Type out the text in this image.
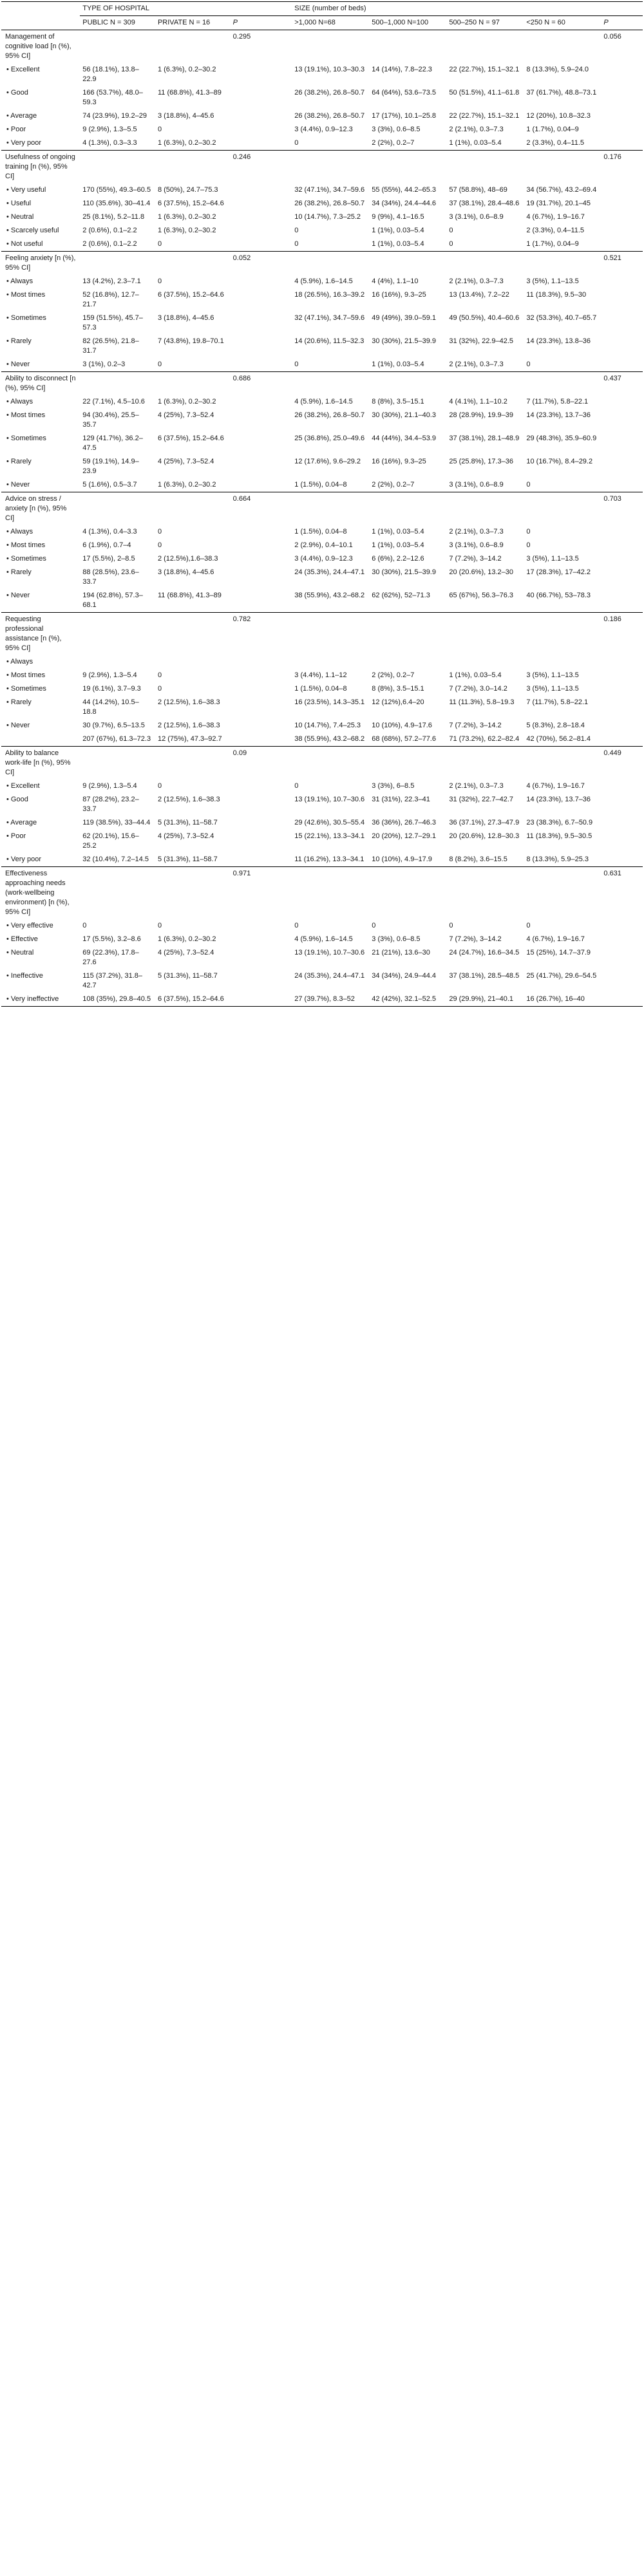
	TYPE OF HOSPITAL			SIZE (number of beds)				
	PUBLIC N = 309	PRIVATE N = 16	P	>1,000 N=68	500–1,000 N=100	500–250 N = 97	<250 N = 60	P
Management of cognitive load [n (%), 95% CI]			0.295					0.056
• Excellent	56 (18.1%), 13.8–22.9	1 (6.3%), 0.2–30.2		13 (19.1%), 10.3–30.3	14 (14%), 7.8–22.3	22 (22.7%), 15.1–32.1	8 (13.3%), 5.9–24.0	
• Good	166 (53.7%), 48.0–59.3	11 (68.8%), 41.3–89		26 (38.2%), 26.8–50.7	64 (64%), 53.6–73.5	50 (51.5%), 41.1–61.8	37 (61.7%), 48.8–73.1	
• Average	74 (23.9%), 19.2–29	3 (18.8%), 4–45.6		26 (38.2%), 26.8–50.7	17 (17%), 10.1–25.8	22 (22.7%), 15.1–32.1	12 (20%), 10.8–32.3	
• Poor	9 (2.9%), 1.3–5.5	0		3 (4.4%), 0.9–12.3	3 (3%), 0.6–8.5	2 (2.1%), 0.3–7.3	1 (1.7%), 0.04–9	
• Very poor	4 (1.3%), 0.3–3.3	1 (6.3%), 0.2–30.2		0	2 (2%), 0.2–7	1 (1%), 0.03–5.4	2 (3.3%), 0.4–11.5	
Usefulness of ongoing training [n (%), 95% CI]			0.246					0.176
• Very useful	170 (55%), 49.3–60.5	8 (50%), 24.7–75.3		32 (47.1%), 34.7–59.6	55 (55%), 44.2–65.3	57 (58.8%), 48–69	34 (56.7%), 43.2–69.4	
• Useful	110 (35.6%), 30–41.4	6 (37.5%), 15.2–64.6		26 (38.2%), 26.8–50.7	34 (34%), 24.4–44.6	37 (38.1%), 28.4–48.6	19 (31.7%), 20.1–45	
• Neutral	25 (8.1%), 5.2–11.8	1 (6.3%), 0.2–30.2		10 (14.7%), 7.3–25.2	9 (9%), 4.1–16.5	3 (3.1%), 0.6–8.9	4 (6.7%), 1.9–16.7	
• Scarcely useful	2 (0.6%), 0.1–2.2	1 (6.3%), 0.2–30.2		0	1 (1%), 0.03–5.4	0	2 (3.3%), 0.4–11.5	
• Not useful	2 (0.6%), 0.1–2.2	0		0	1 (1%), 0.03–5.4	0	1 (1.7%), 0.04–9	
Feeling anxiety [n (%), 95% CI]			0.052					0.521
• Always	13 (4.2%), 2.3–7.1	0		4 (5.9%), 1.6–14.5	4 (4%), 1.1–10	2 (2.1%), 0.3–7.3	3 (5%), 1.1–13.5	
• Most times	52 (16.8%), 12.7–21.7	6 (37.5%), 15.2–64.6		18 (26.5%), 16.3–39.2	16 (16%), 9.3–25	13 (13.4%), 7.2–22	11 (18.3%), 9.5–30	
• Sometimes	159 (51.5%), 45.7–57.3	3 (18.8%), 4–45.6		32 (47.1%), 34.7–59.6	49 (49%), 39.0–59.1	49 (50.5%), 40.4–60.6	32 (53.3%), 40.7–65.7	
• Rarely	82 (26.5%), 21.8–31.7	7 (43.8%), 19.8–70.1		14 (20.6%), 11.5–32.3	30 (30%), 21.5–39.9	31 (32%), 22.9–42.5	14 (23.3%), 13.8–36	
• Never	3 (1%), 0.2–3	0		0	1 (1%), 0.03–5.4	2 (2.1%), 0.3–7.3	0	
Ability to disconnect [n (%), 95% CI]			0.686					0.437
• Always	22 (7.1%), 4.5–10.6	1 (6.3%), 0.2–30.2		4 (5.9%), 1.6–14.5	8 (8%), 3.5–15.1	4 (4.1%), 1.1–10.2	7 (11.7%), 5.8–22.1	
• Most times	94 (30.4%), 25.5–35.7	4 (25%), 7.3–52.4		26 (38.2%), 26.8–50.7	30 (30%), 21.1–40.3	28 (28.9%), 19.9–39	14 (23.3%), 13.7–36	
• Sometimes	129 (41.7%), 36.2–47.5	6 (37.5%), 15.2–64.6		25 (36.8%), 25.0–49.6	44 (44%), 34.4–53.9	37 (38.1%), 28.1–48.9	29 (48.3%), 35.9–60.9	
• Rarely	59 (19.1%), 14.9–23.9	4 (25%), 7.3–52.4		12 (17.6%), 9.6–29.2	16 (16%), 9.3–25	25 (25.8%), 17.3–36	10 (16.7%), 8.4–29.2	
• Never	5 (1.6%), 0.5–3.7	1 (6.3%), 0.2–30.2		1 (1.5%), 0.04–8	2 (2%), 0.2–7	3 (3.1%), 0.6–8.9	0	
Advice on stress / anxiety [n (%), 95% CI]			0.664					0.703
• Always	4 (1.3%), 0.4–3.3	0		1 (1.5%), 0.04–8	1 (1%), 0.03–5.4	2 (2.1%), 0.3–7.3	0	
• Most times	6 (1.9%), 0.7–4	0		2 (2.9%), 0.4–10.1	1 (1%), 0.03–5.4	3 (3.1%), 0.6–8.9	0	
• Sometimes	17 (5.5%), 2–8.5	2 (12.5%),1.6–38.3		3 (4.4%), 0.9–12.3	6 (6%), 2.2–12.6	7 (7.2%), 3–14.2	3 (5%), 1.1–13.5	
• Rarely	88 (28.5%), 23.6–33.7	3 (18.8%), 4–45.6		24 (35.3%), 24.4–47.1	30 (30%), 21.5–39.9	20 (20.6%), 13.2–30	17 (28.3%), 17–42.2	
• Never	194 (62.8%), 57.3–68.1	11 (68.8%), 41.3–89		38 (55.9%), 43.2–68.2	62 (62%), 52–71.3	65 (67%), 56.3–76.3	40 (66.7%), 53–78.3	
Requesting professional assistance [n (%), 95% CI]			0.782					0.186
• Always								
• Most times	9 (2.9%), 1.3–5.4	0		3 (4.4%), 1.1–12	2 (2%), 0.2–7	1 (1%), 0.03–5.4	3 (5%), 1.1–13.5	
• Sometimes	19 (6.1%), 3.7–9.3	0		1 (1.5%), 0.04–8	8 (8%), 3.5–15.1	7 (7.2%), 3.0–14.2	3 (5%), 1.1–13.5	
• Rarely	44 (14.2%), 10.5–18.8	2 (12.5%), 1.6–38.3		16 (23.5%), 14.3–35.1	12 (12%),6.4–20	11 (11.3%), 5.8–19.3	7 (11.7%), 5.8–22.1	
• Never	30 (9.7%), 6.5–13.5	2 (12.5%), 1.6–38.3		10 (14.7%), 7.4–25.3	10 (10%), 4.9–17.6	7 (7.2%), 3–14.2	5 (8.3%), 2.8–18.4	
	207 (67%), 61.3–72.3	12 (75%), 47.3–92.7		38 (55.9%), 43.2–68.2	68 (68%), 57.2–77.6	71 (73.2%), 62.2–82.4	42 (70%), 56.2–81.4	
Ability to balance work-life [n (%), 95% CI]			0.09					0.449
• Excellent	9 (2.9%), 1.3–5.4	0		0	3 (3%), 6–8.5	2 (2.1%), 0.3–7.3	4 (6.7%), 1.9–16.7	
• Good	87 (28.2%), 23.2–33.7	2 (12.5%), 1.6–38.3		13 (19.1%), 10.7–30.6	31 (31%), 22.3–41	31 (32%), 22.7–42.7	14 (23.3%), 13.7–36	
• Average	119 (38.5%), 33–44.4	5 (31.3%), 11–58.7		29 (42.6%), 30.5–55.4	36 (36%), 26.7–46.3	36 (37.1%), 27.3–47.9	23 (38.3%), 6.7–50.9	
• Poor	62 (20.1%), 15.6–25.2	4 (25%), 7.3–52.4		15 (22.1%), 13.3–34.1	20 (20%), 12.7–29.1	20 (20.6%), 12.8–30.3	11 (18.3%), 9.5–30.5	
• Very poor	32 (10.4%), 7.2–14.5	5 (31.3%), 11–58.7		11 (16.2%), 13.3–34.1	10 (10%), 4.9–17.9	8 (8.2%), 3.6–15.5	8 (13.3%), 5.9–25.3	
Effectiveness approaching needs (work-wellbeing environment) [n (%), 95% CI]			0.971					0.631
• Very effective	0	0		0	0	0	0	
• Effective	17 (5.5%), 3.2–8.6	1 (6.3%), 0.2–30.2		4 (5.9%), 1.6–14.5	3 (3%), 0.6–8.5	7 (7.2%), 3–14.2	4 (6.7%), 1.9–16.7	
• Neutral	69 (22.3%), 17.8–27.6	4 (25%), 7.3–52.4		13 (19.1%), 10.7–30.6	21 (21%), 13.6–30	24 (24.7%), 16.6–34.5	15 (25%), 14.7–37.9	
• Ineffective	115 (37.2%), 31.8–42.7	5 (31.3%), 11–58.7		24 (35.3%), 24.4–47.1	34 (34%), 24.9–44.4	37 (38.1%), 28.5–48.5	25 (41.7%), 29.6–54.5	
• Very ineffective	108 (35%), 29.8–40.5	6 (37.5%), 15.2–64.6		27 (39.7%), 8.3–52	42 (42%), 32.1–52.5	29 (29.9%), 21–40.1	16 (26.7%), 16–40	
